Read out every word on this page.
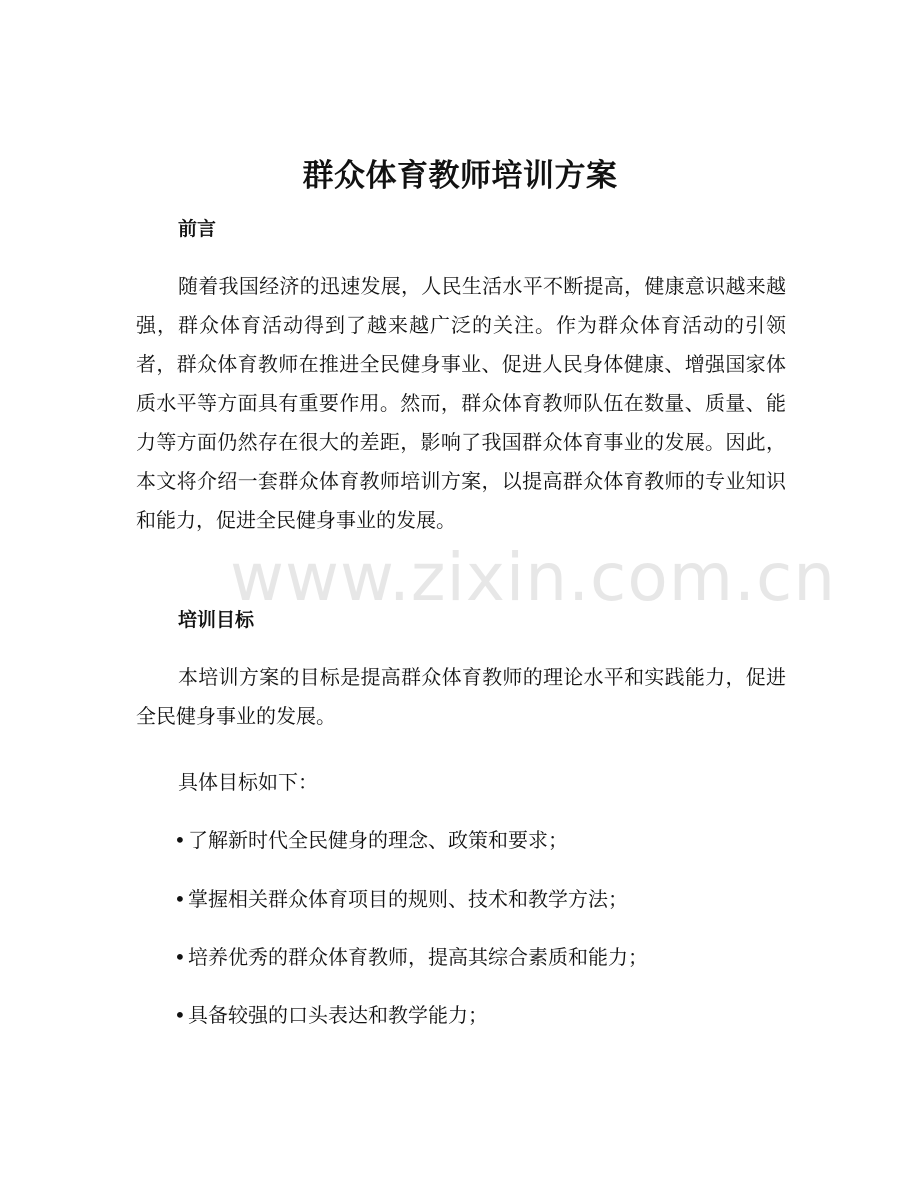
群众体育教师培训方案
前言

随着我国经济的迅速发展，人民生活水平不断提高，健康意识越来越强，群众体育活动得到了越来越广泛的关注。作为群众体育活动的引领者，群众体育教师在推进全民健身事业、促进人民身体健康、增强国家体质水平等方面具有重要作用。然而，群众体育教师队伍在数量、质量、能力等方面仍然存在很大的差距，影响了我国群众体育事业的发展。因此，本文将介绍一套群众体育教师培训方案，以提高群众体育教师的专业知识和能力，促进全民健身事业的发展。

培训目标

本培训方案的目标是提高群众体育教师的理论水平和实践能力，促进全民健身事业的发展。

具体目标如下：
• 了解新时代全民健身的理念、政策和要求；
• 掌握相关群众体育项目的规则、技术和教学方法；
• 培养优秀的群众体育教师，提高其综合素质和能力；
• 具备较强的口头表达和教学能力；
www.zixin.com.cn
